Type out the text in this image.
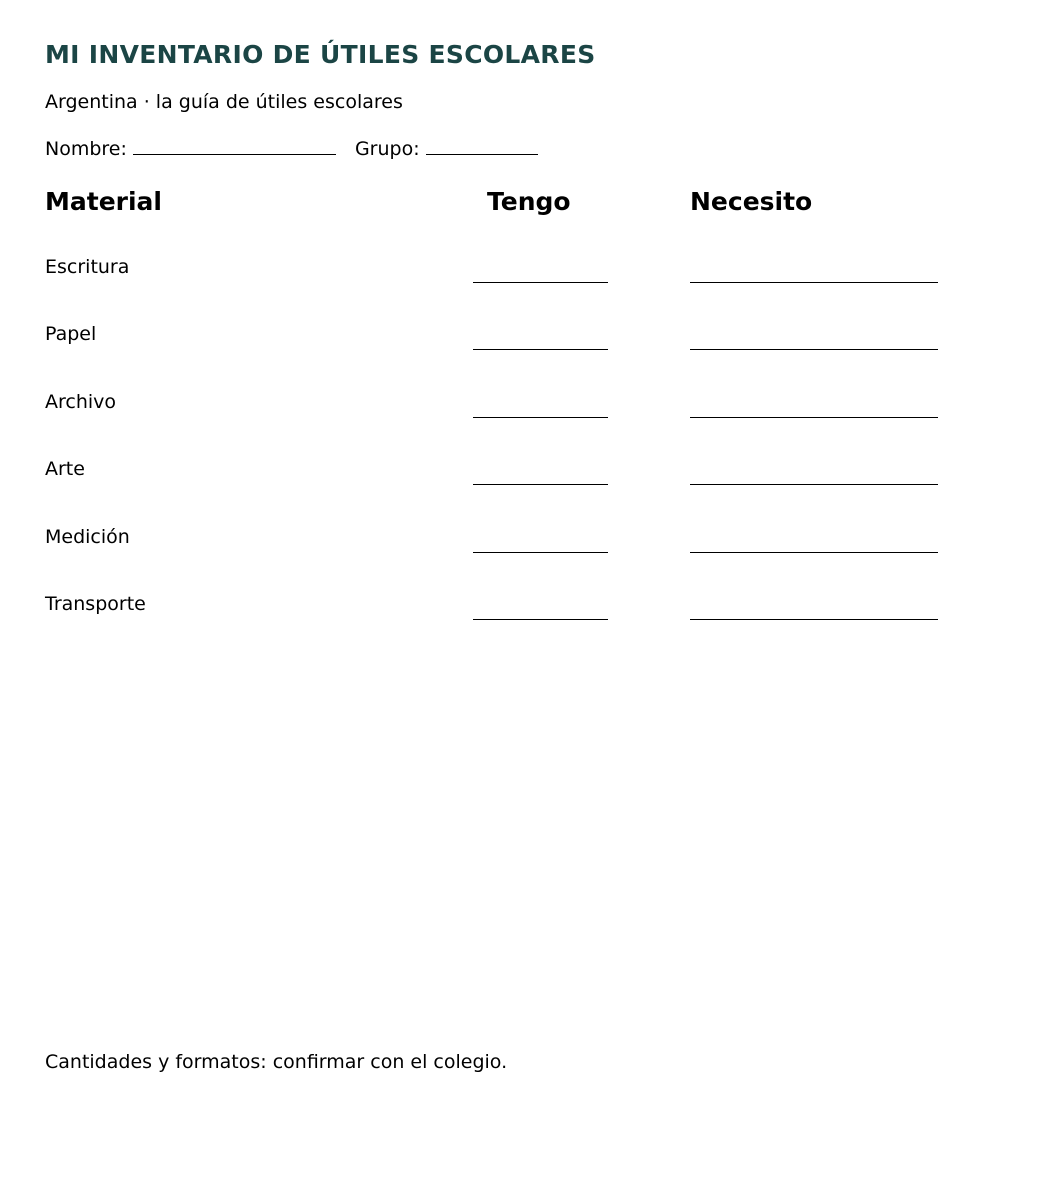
MI INVENTARIO DE ÚTILES ESCOLARES
Argentina · la guía de útiles escolares
Nombre:	Grupo:
Material	Tengo	Necesito
Escritura
Papel
Archivo
Arte
Medición
Transporte
Cantidades y formatos: confirmar con el colegio.
